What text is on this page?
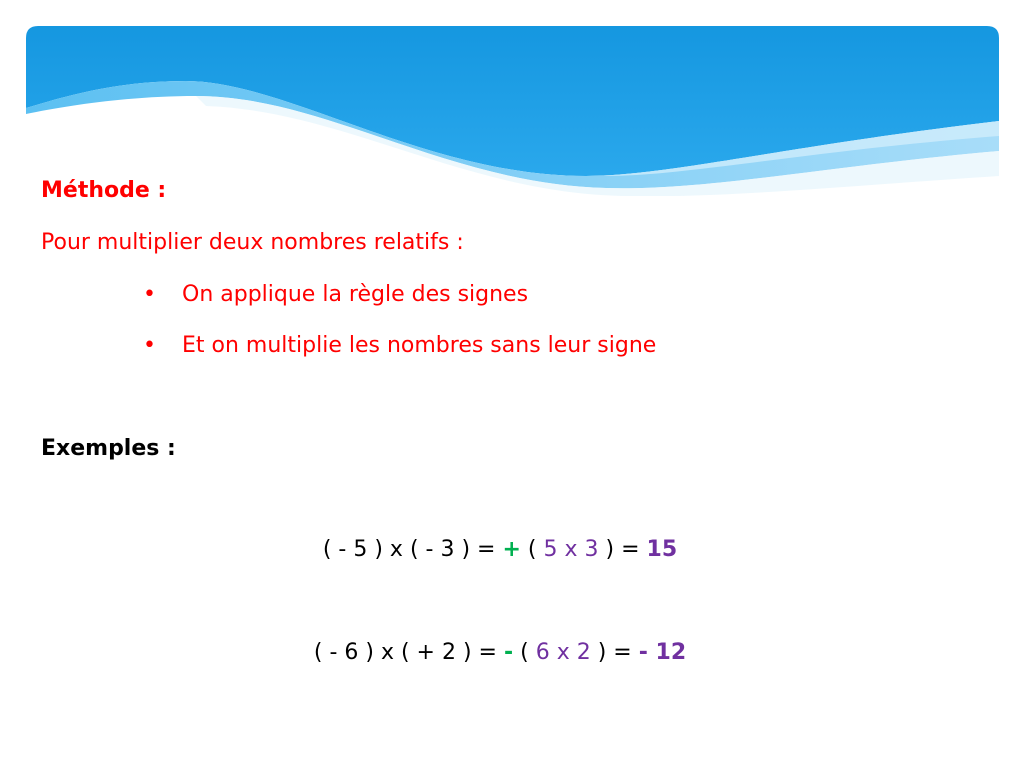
Méthode :
Pour multiplier deux nombres relatifs :
• On applique la règle des signes
• Et on multiplie les nombres sans leur signe
Exemples :
( - 5 ) x ( - 3 ) = + ( 5 x 3 ) = 15
( - 6 ) x ( + 2 ) = - ( 6 x 2 ) = - 12
